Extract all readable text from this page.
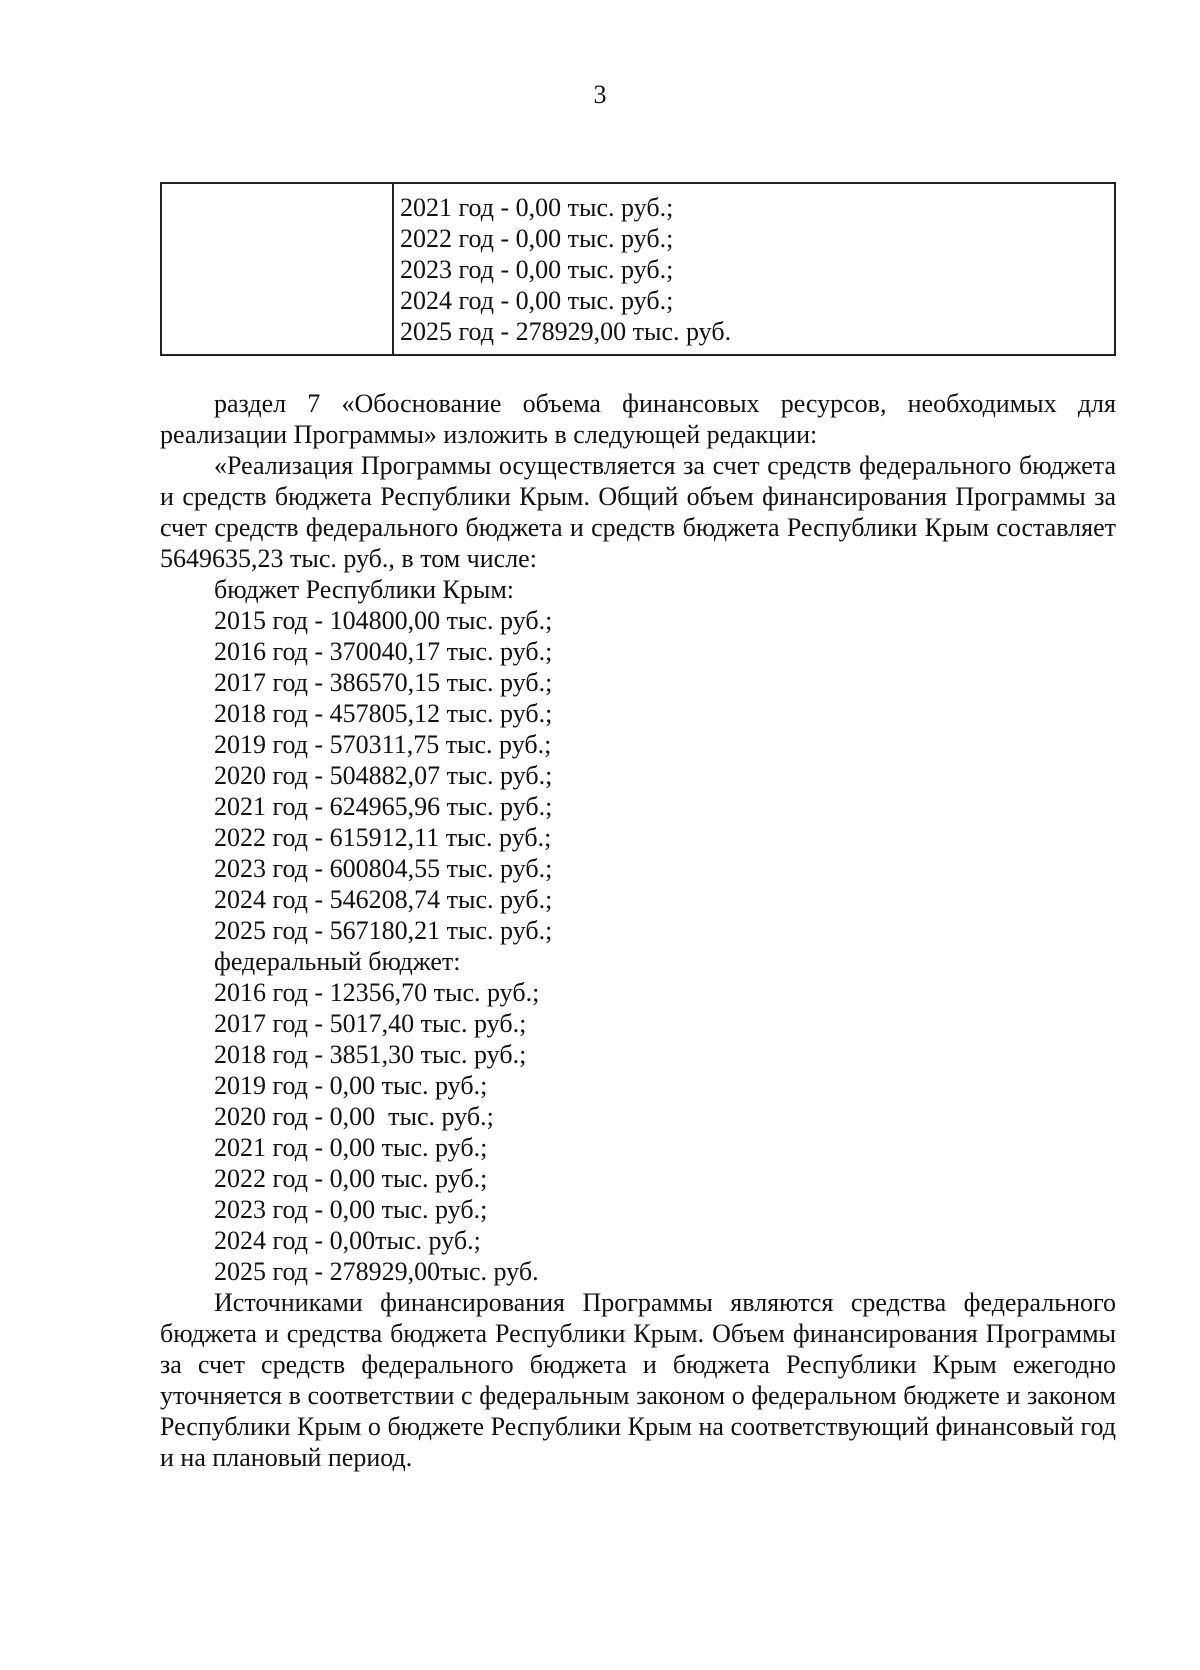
3

2021 год - 0,00 тыс. руб.;
2022 год - 0,00 тыс. руб.;
2023 год - 0,00 тыс. руб.;
2024 год - 0,00 тыс. руб.;
2025 год - 278929,00 тыс. руб.

раздел 7 «Обоснование объема финансовых ресурсов, необходимых для реализации Программы» изложить в следующей редакции:

«Реализация Программы осуществляется за счет средств федерального бюджета и средств бюджета Республики Крым. Общий объем финансирования Программы за счет средств федерального бюджета и средств бюджета Республики Крым составляет 5649635,23 тыс. руб., в том числе:

бюджет Республики Крым:
2015 год - 104800,00 тыс. руб.;
2016 год - 370040,17 тыс. руб.;
2017 год - 386570,15 тыс. руб.;
2018 год - 457805,12 тыс. руб.;
2019 год - 570311,75 тыс. руб.;
2020 год - 504882,07 тыс. руб.;
2021 год - 624965,96 тыс. руб.;
2022 год - 615912,11 тыс. руб.;
2023 год - 600804,55 тыс. руб.;
2024 год - 546208,74 тыс. руб.;
2025 год - 567180,21 тыс. руб.;
федеральный бюджет:
2016 год - 12356,70 тыс. руб.;
2017 год - 5017,40 тыс. руб.;
2018 год - 3851,30 тыс. руб.;
2019 год - 0,00 тыс. руб.;
2020 год - 0,00  тыс. руб.;
2021 год - 0,00 тыс. руб.;
2022 год - 0,00 тыс. руб.;
2023 год - 0,00 тыс. руб.;
2024 год - 0,00тыс. руб.;
2025 год - 278929,00тыс. руб.

Источниками финансирования Программы являются средства федерального бюджета и средства бюджета Республики Крым. Объем финансирования Программы за счет средств федерального бюджета и бюджета Республики Крым ежегодно уточняется в соответствии с федеральным законом о федеральном бюджете и законом Республики Крым о бюджете Республики Крым на соответствующий финансовый год и на плановый период.
